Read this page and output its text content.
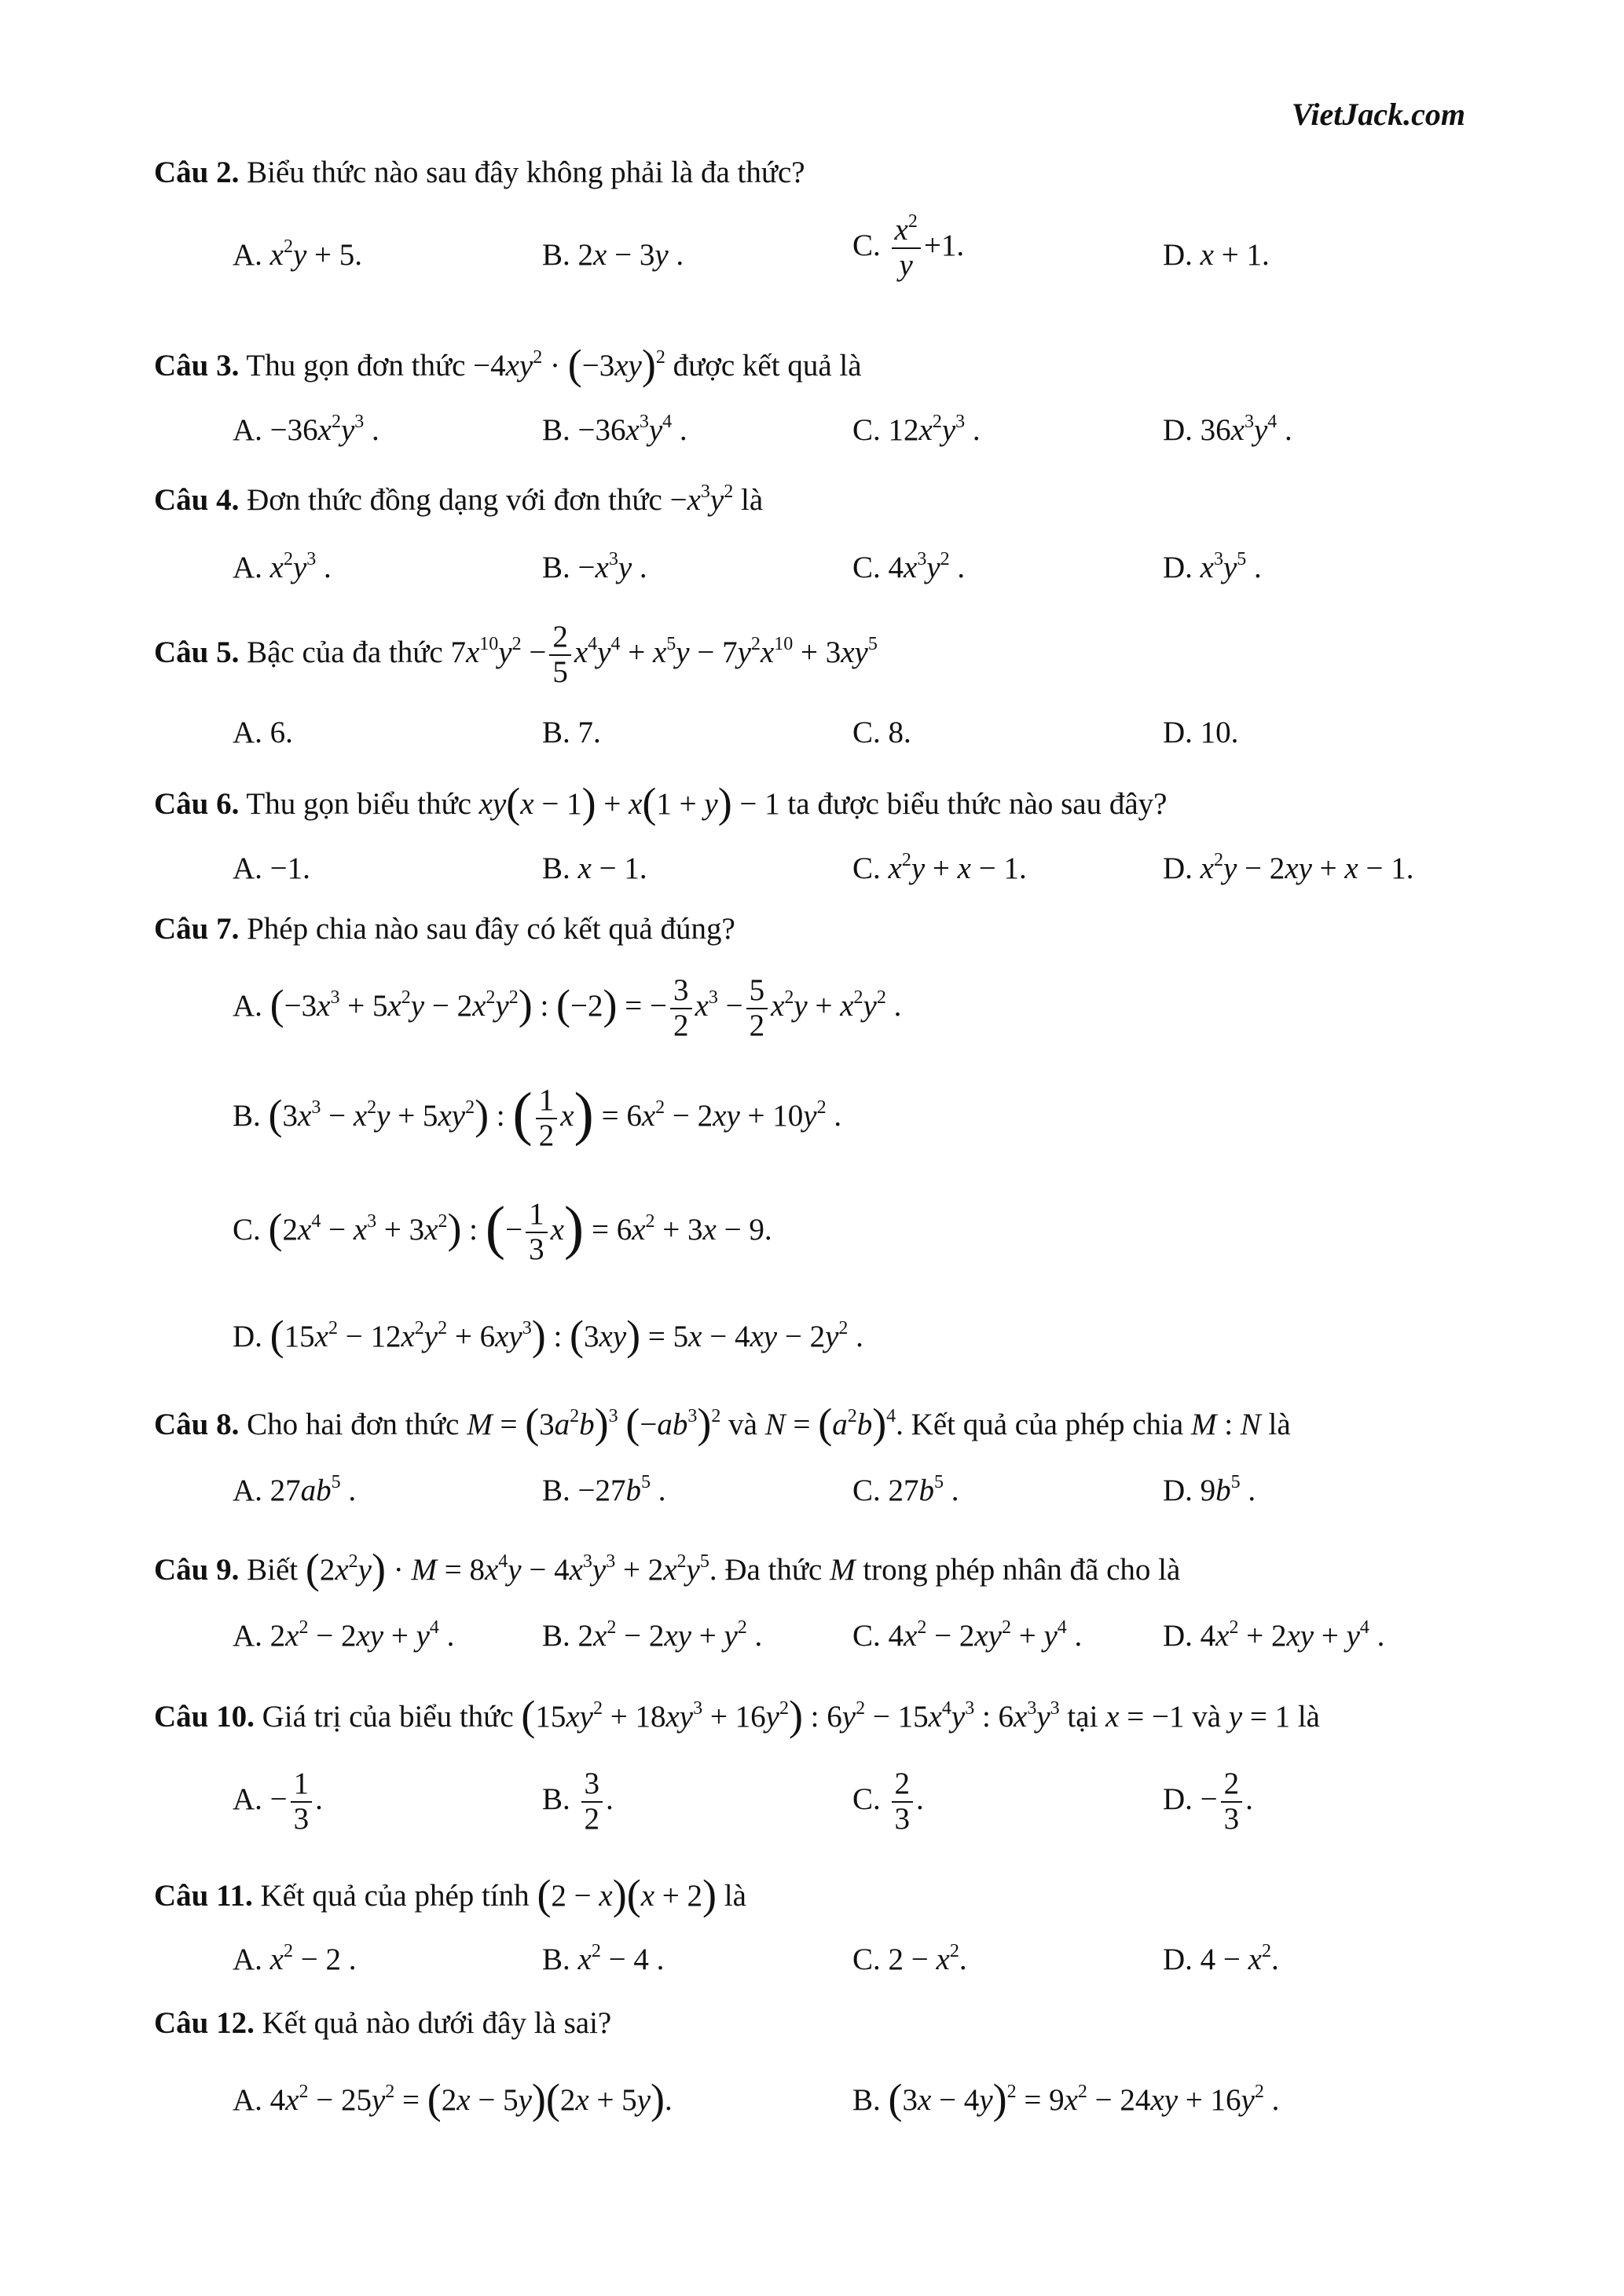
VietJack.com
Câu 2. Biểu thức nào sau đây không phải là đa thức?
A. $x^2y + 5$.	B. 2x − 3y .	C. $\frac{x^2}{y} +1$.	D. x + 1.
Câu 3. Thu gọn đơn thức $-4xy^2 \cdot (-3xy)^2$ được kết quả là
A. $-36x^2y^3$ .	B. $-36x^3y^4$ .	C. $12x^2y^3$ .	D. $36x^3y^4$ .
Câu 4. Đơn thức đồng dạng với đơn thức $-x^3y^2$ là
A. $x^2y^3$ .	B. $-x^3y$ .	C. $4x^3y^2$ .	D. $x^3y^5$ .
Câu 5. Bậc của đa thức $7x^{10}y^2 - \frac{2}{5} x^4y^4 + x^5y - 7y^2x^{10} + 3xy^5$
A. 6.	B. 7.	C. 8.	D. 10.
Câu 6. Thu gọn biểu thức xy(x − 1) + x(1 + y) − 1 ta được biểu thức nào sau đây?
A. −1.	B. x − 1.	C. $x^2y + x - 1$.	D. $x^2y - 2xy + x - 1$.
Câu 7. Phép chia nào sau đây có kết quả đúng?
A. $(-3x^3 + 5x^2y - 2x^2y^2)$ : (−2) = − $\frac{3}{2} x^3 - \frac{5}{2} x^2y + x^2y^2$ .
B. $(3x^3 - x^2y + 5xy^2)$ : ( $\frac{1}{2} x) = 6x^2 - 2xy + 10y^2$ .
C. $(2x^4 - x^3 + 3x^2)$ : (− $\frac{1}{3} x) = 6x^2 + 3x - 9$.
D. $(15x^2 - 12x^2y^2 + 6xy^3)$ : $(3xy) = 5x - 4xy - 2y^2$ .
Câu 8. Cho hai đơn thức $M = (3a^2b)^3$ $(-ab^3)^2$ và $N = (a^2b)^4$. Kết quả của phép chia M : N là
A. $27ab^5$ .	B. $-27b^5$ .	C. $27b^5$ .	D. $9b^5$ .
Câu 9. Biết $(2x^2y) \cdot M = 8x^4y - 4x^3y^3 + 2x^2y^5$. Đa thức M trong phép nhân đã cho là
A. $2x^2 - 2xy + y^4$ .	B. $2x^2 - 2xy + y^2$ .	C. $4x^2 - 2xy^2 + y^4$ .	D. $4x^2 + 2xy + y^4$ .
Câu 10. Giá trị của biểu thức $(15xy^2 + 18xy^3 + 16y^2)$ : $6y^2 - 15x^4y^3$ : $6x^3y^3$ tại x = −1 và y = 1 là
A. − $\frac{1}{3}$ .	B. $\frac{3}{2}$ .	C. $\frac{2}{3}$ .	D. − $\frac{2}{3}$ .
Câu 11. Kết quả của phép tính (2 − x)(x + 2) là
A. $x^2 - 2$ .	B. $x^2 - 4$ .	C. $2 - x^2$.	D. $4 - x^2$.
Câu 12. Kết quả nào dưới đây là sai?
A. $4x^2 - 25y^2 = (2x - 5y)(2x + 5y)$.	B. $(3x - 4y)^2 = 9x^2 - 24xy + 16y^2$ .
